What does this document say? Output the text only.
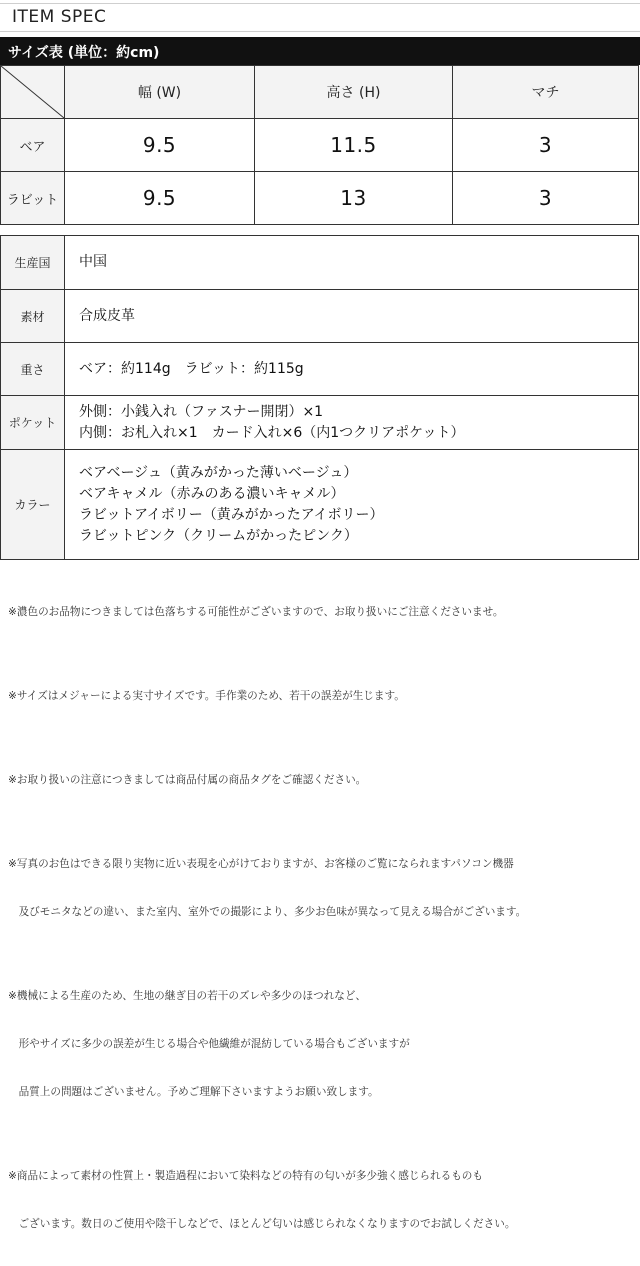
ITEM SPEC
サイズ表 (単位：約cm)
	幅 (W)	高さ (H)	マチ
ベア	9.5	11.5	3
ラビット	9.5	13	3
生産国	中国

素材	合成皮革

重さ	ベア：約114g　ラビット：約115g

ポケット	外側：小銭入れ（ファスナー開閉）×1
内側：お札入れ×1　カード入れ×6（内1つクリアポケット）

カラー	ベアベージュ（黄みがかった薄いベージュ）
ベアキャメル（赤みのある濃いキャメル）
ラビットアイボリー（黄みがかったアイボリー）
ラビットピンク（クリームがかったピンク）

※濃色のお品物につきましては色落ちする可能性がございますので、お取り扱いにご注意くださいませ。

※サイズはメジャーによる実寸サイズです。手作業のため、若干の誤差が生じます。

※お取り扱いの注意につきましては商品付属の商品タグをご確認ください。

※写真のお色はできる限り実物に近い表現を心がけておりますが、お客様のご覧になられますパソコン機器

　及びモニタなどの違い、また室内、室外での撮影により、多少お色味が異なって見える場合がございます。

※機械による生産のため、生地の継ぎ目の若干のズレや多少のほつれなど、

　形やサイズに多少の誤差が生じる場合や他繊維が混紡している場合もございますが

　品質上の問題はございません。予めご理解下さいますようお願い致します。

※商品によって素材の性質上・製造過程において染料などの特有の匂いが多少強く感じられるものも

　ございます。数日のご使用や陰干しなどで、ほとんど匂いは感じられなくなりますのでお試しください。
